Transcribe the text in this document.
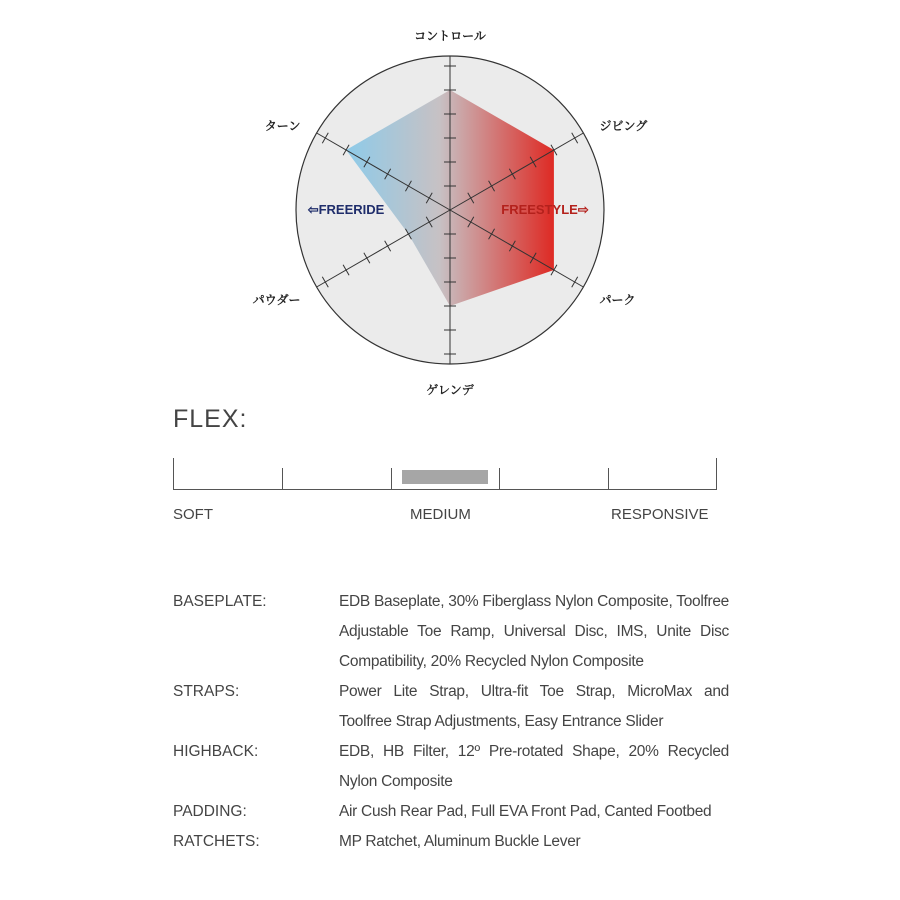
コントロール
ジビング
パーク
ゲレンデ
パウダー
ターン
⇦FREERIDE	FREESTYLE⇨
FLEX:
SOFT	MEDIUM	RESPONSIVE
BASEPLATE:	EDB Baseplate, 30% Fiberglass Nylon Composite, Toolfree Adjustable Toe Ramp, Universal Disc, IMS, Unite Disc Compatibility, 20% Recycled Nylon Composite
STRAPS:	Power Lite Strap, Ultra-fit Toe Strap, MicroMax and Toolfree Strap Adjustments, Easy Entrance Slider
HIGHBACK:	EDB, HB Filter, 12º Pre-rotated Shape, 20% Recycled Nylon Composite
PADDING:	Air Cush Rear Pad, Full EVA Front Pad, Canted Footbed
RATCHETS:	MP Ratchet, Aluminum Buckle Lever
